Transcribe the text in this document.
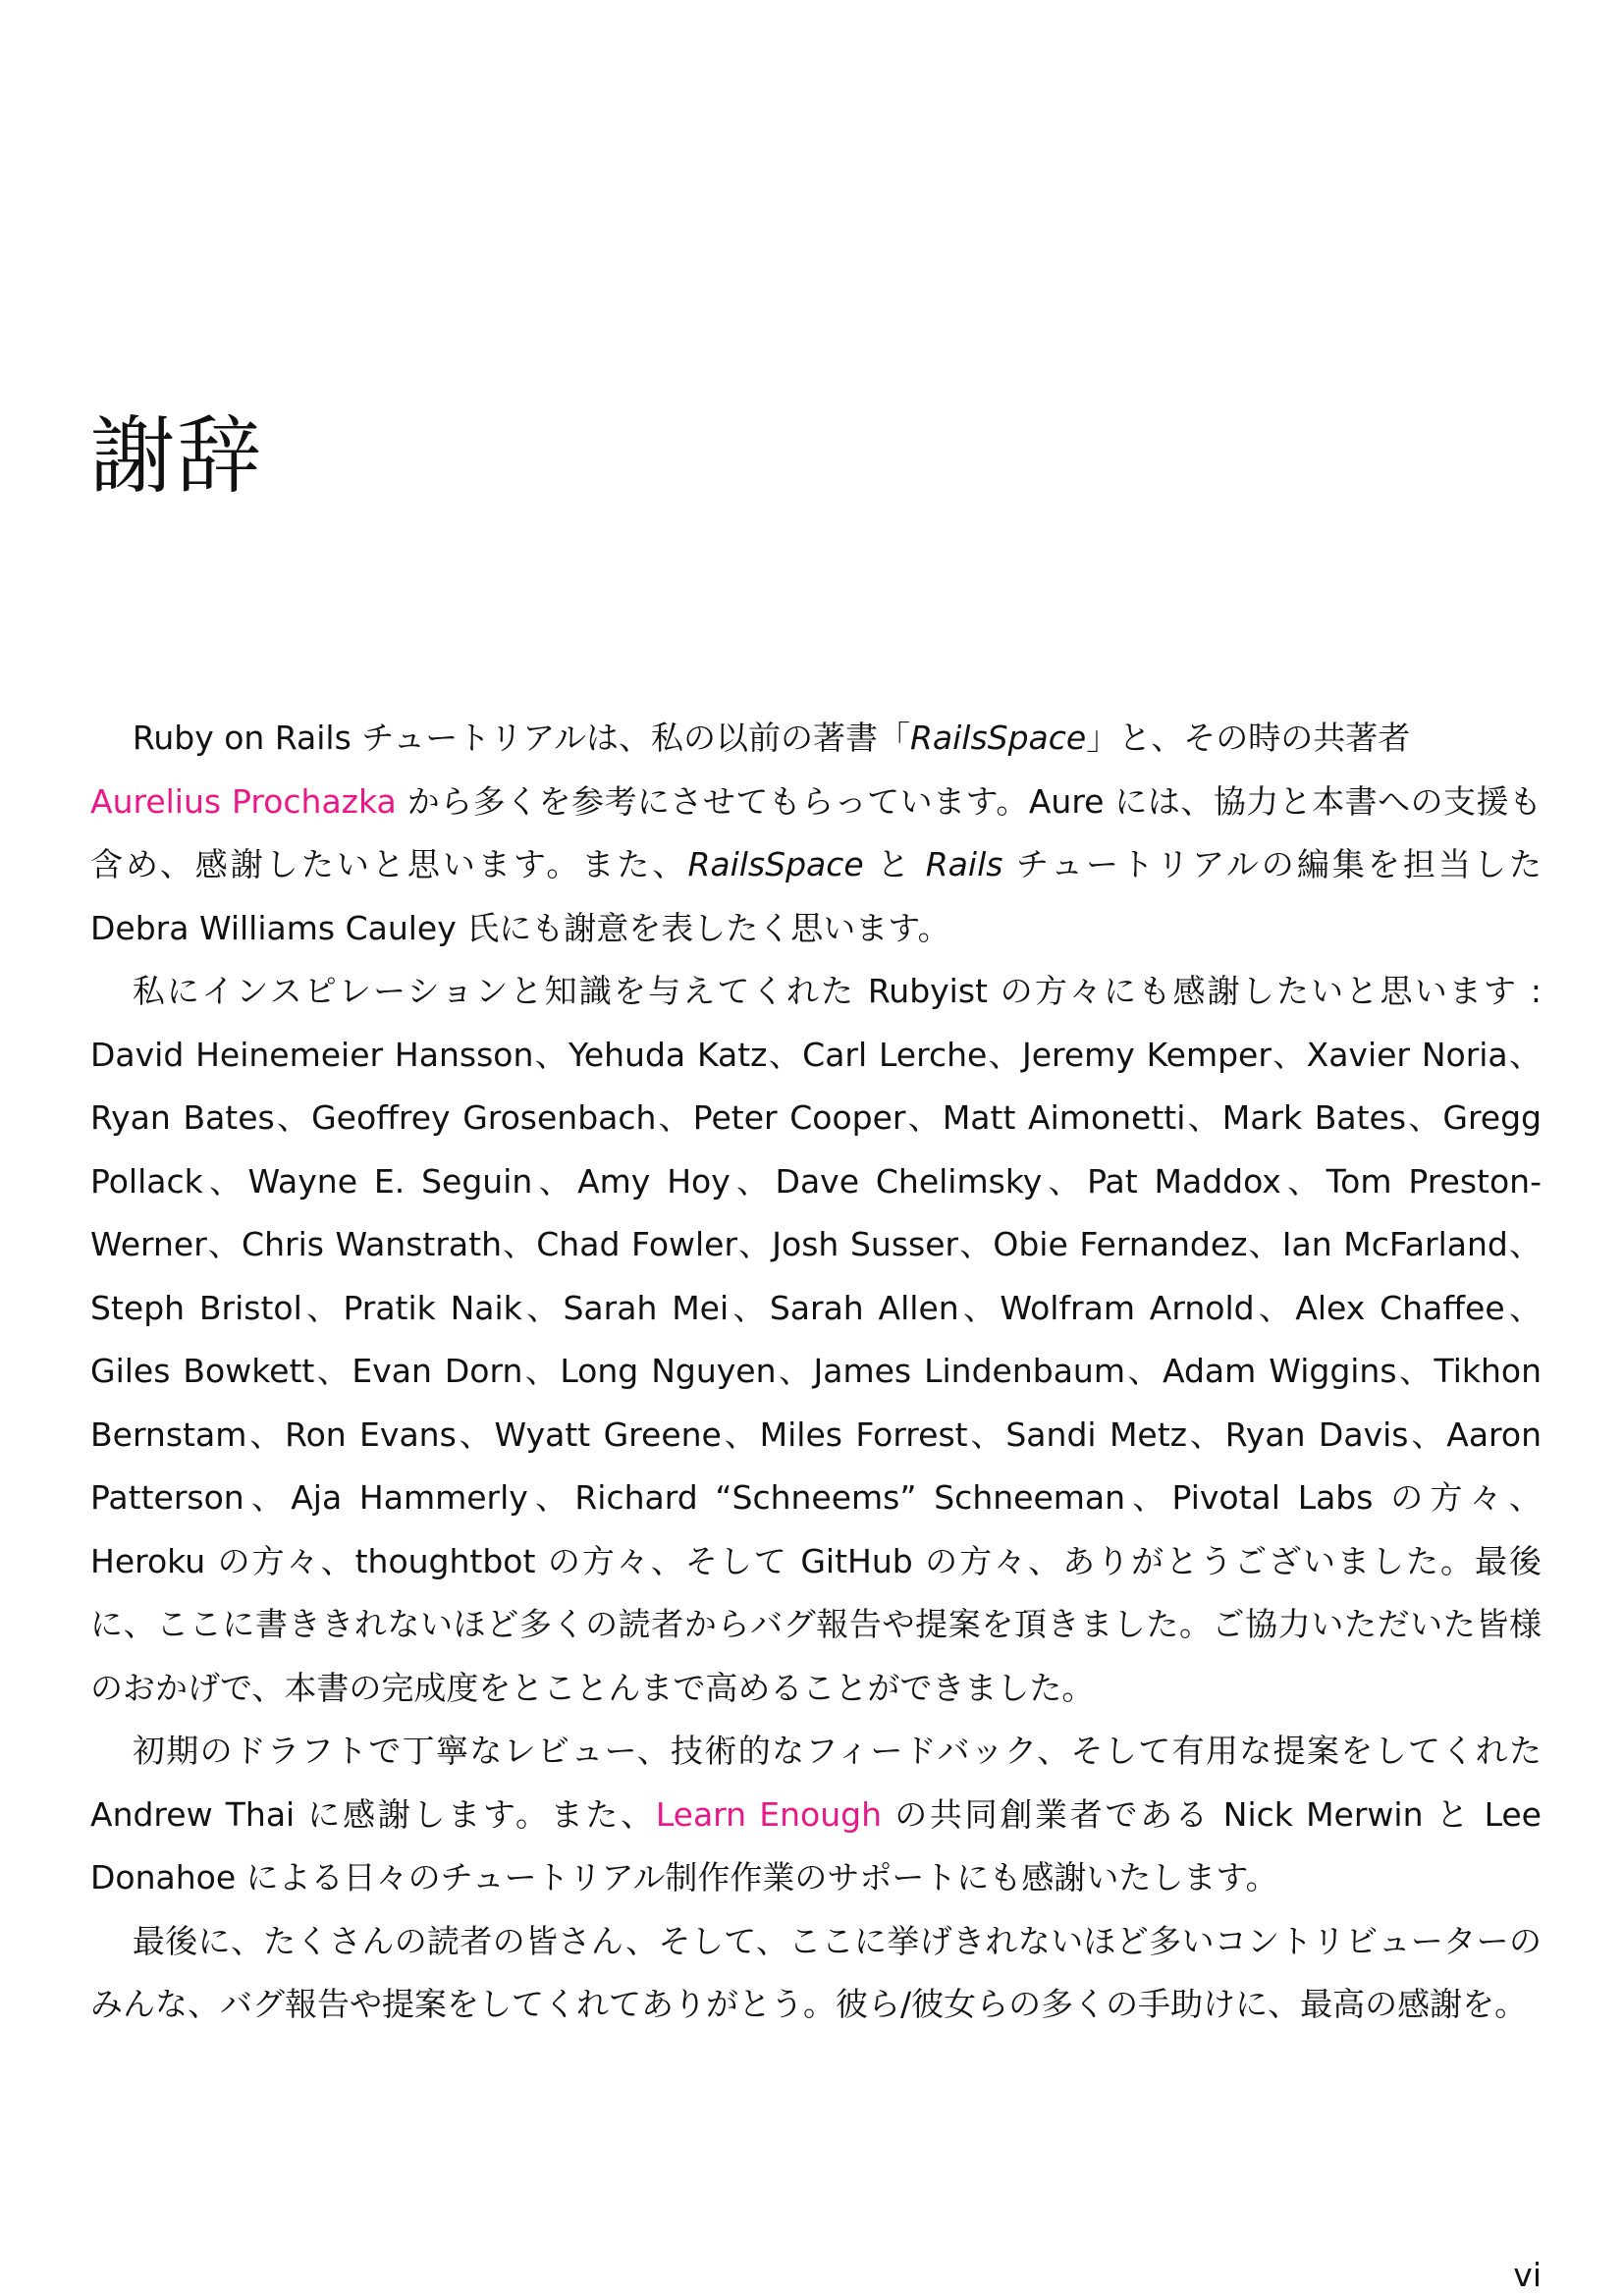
謝辞

Ruby on Rails チュートリアルは、私の以前の著書「RailsSpace」と、その時の共著者
Aurelius Prochazka から多くを参考にさせてもらっています。Aure には、協力と本書への支援も含め、感謝したいと思います。また、RailsSpace と Rails チュートリアルの編集を担当した Debra Williams Cauley 氏にも謝意を表したく思います。

私にインスピレーションと知識を与えてくれた Rubyist の方々にも感謝したいと思います : David Heinemeier Hansson、Yehuda Katz、Carl Lerche、Jeremy Kemper、Xavier Noria、Ryan Bates、Geoffrey Grosenbach、Peter Cooper、Matt Aimonetti、Mark Bates、Gregg Pollack、Wayne E. Seguin、Amy Hoy、Dave Chelimsky、Pat Maddox、Tom Preston-Werner、Chris Wanstrath、Chad Fowler、Josh Susser、Obie Fernandez、Ian McFarland、Steph Bristol、Pratik Naik、Sarah Mei、Sarah Allen、Wolfram Arnold、Alex Chaffee、Giles Bowkett、Evan Dorn、Long Nguyen、James Lindenbaum、Adam Wiggins、Tikhon Bernstam、Ron Evans、Wyatt Greene、Miles Forrest、Sandi Metz、Ryan Davis、Aaron Patterson、Aja Hammerly、Richard “Schneems” Schneeman、Pivotal Labs の方々、Heroku の方々、thoughtbot の方々、そして GitHub の方々、ありがとうございました。最後に、ここに書ききれないほど多くの読者からバグ報告や提案を頂きました。ご協力いただいた皆様のおかげで、本書の完成度をとことんまで高めることができました。

初期のドラフトで丁寧なレビュー、技術的なフィードバック、そして有用な提案をしてくれた Andrew Thai に感謝します。また、Learn Enough の共同創業者である Nick Merwin と Lee Donahoe による日々のチュートリアル制作作業のサポートにも感謝いたします。

最後に、たくさんの読者の皆さん、そして、ここに挙げきれないほど多いコントリビューターのみんな、バグ報告や提案をしてくれてありがとう。彼ら/彼女らの多くの手助けに、最高の感謝を。

vi
